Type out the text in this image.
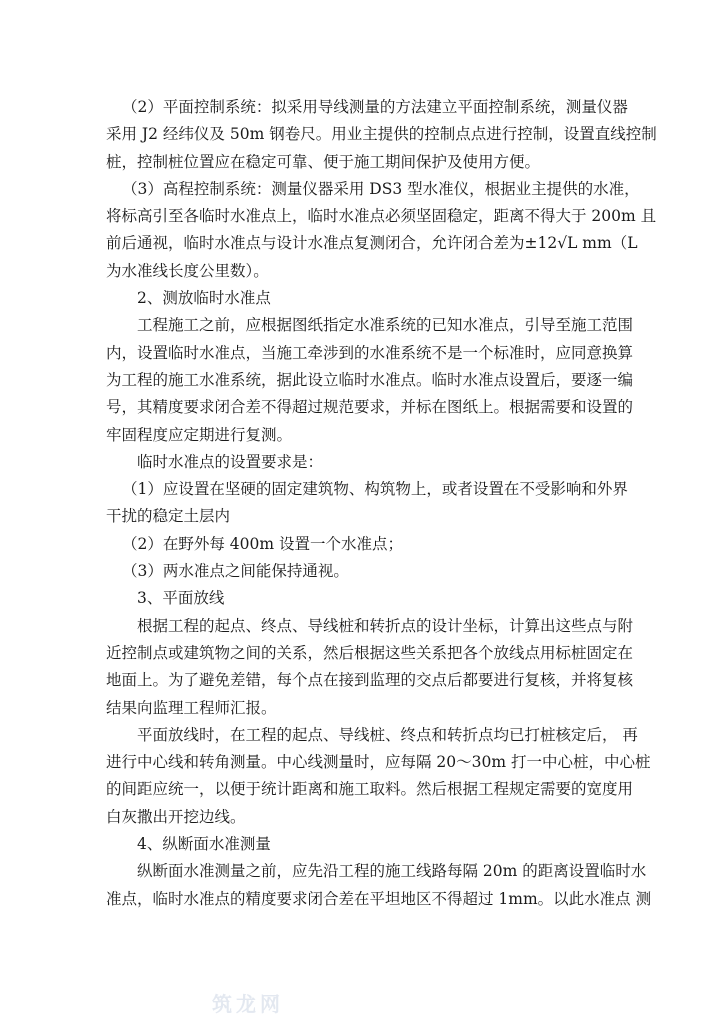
（2）平面控制系统：拟采用导线测量的方法建立平面控制系统，测量仪器
采用 J2 经纬仪及 50m 钢卷尺。用业主提供的控制点点进行控制，设置直线控制
桩，控制桩位置应在稳定可靠、便于施工期间保护及使用方便。
（3）高程控制系统：测量仪器采用 DS3 型水准仪，根据业主提供的水准，
将标高引至各临时水准点上，临时水准点必须坚固稳定，距离不得大于 200m 且
前后通视，临时水准点与设计水准点复测闭合，允许闭合差为±12√L mm（L
为水准线长度公里数）。
2、测放临时水准点
工程施工之前，应根据图纸指定水准系统的已知水准点，引导至施工范围
内，设置临时水准点，当施工牵涉到的水准系统不是一个标准时，应同意换算
为工程的施工水准系统，据此设立临时水准点。临时水准点设置后，要逐一编
号，其精度要求闭合差不得超过规范要求，并标在图纸上。根据需要和设置的
牢固程度应定期进行复测。
临时水准点的设置要求是：
（1）应设置在坚硬的固定建筑物、构筑物上，或者设置在不受影响和外界
干扰的稳定土层内
（2）在野外每 400m 设置一个水准点；
（3）两水准点之间能保持通视。
3、平面放线
根据工程的起点、终点、导线桩和转折点的设计坐标，计算出这些点与附
近控制点或建筑物之间的关系，然后根据这些关系把各个放线点用标桩固定在
地面上。为了避免差错，每个点在接到监理的交点后都要进行复核，并将复核
结果向监理工程师汇报。
平面放线时，在工程的起点、导线桩、终点和转折点均已打桩核定后， 再
进行中心线和转角测量。中心线测量时，应每隔 20～30m 打一中心桩，中心桩
的间距应统一，以便于统计距离和施工取料。然后根据工程规定需要的宽度用
白灰撒出开挖边线。
4、纵断面水准测量
纵断面水准测量之前，应先沿工程的施工线路每隔 20m 的距离设置临时水
准点，临时水准点的精度要求闭合差在平坦地区不得超过 1mm。以此水准点 测
筑龙网
